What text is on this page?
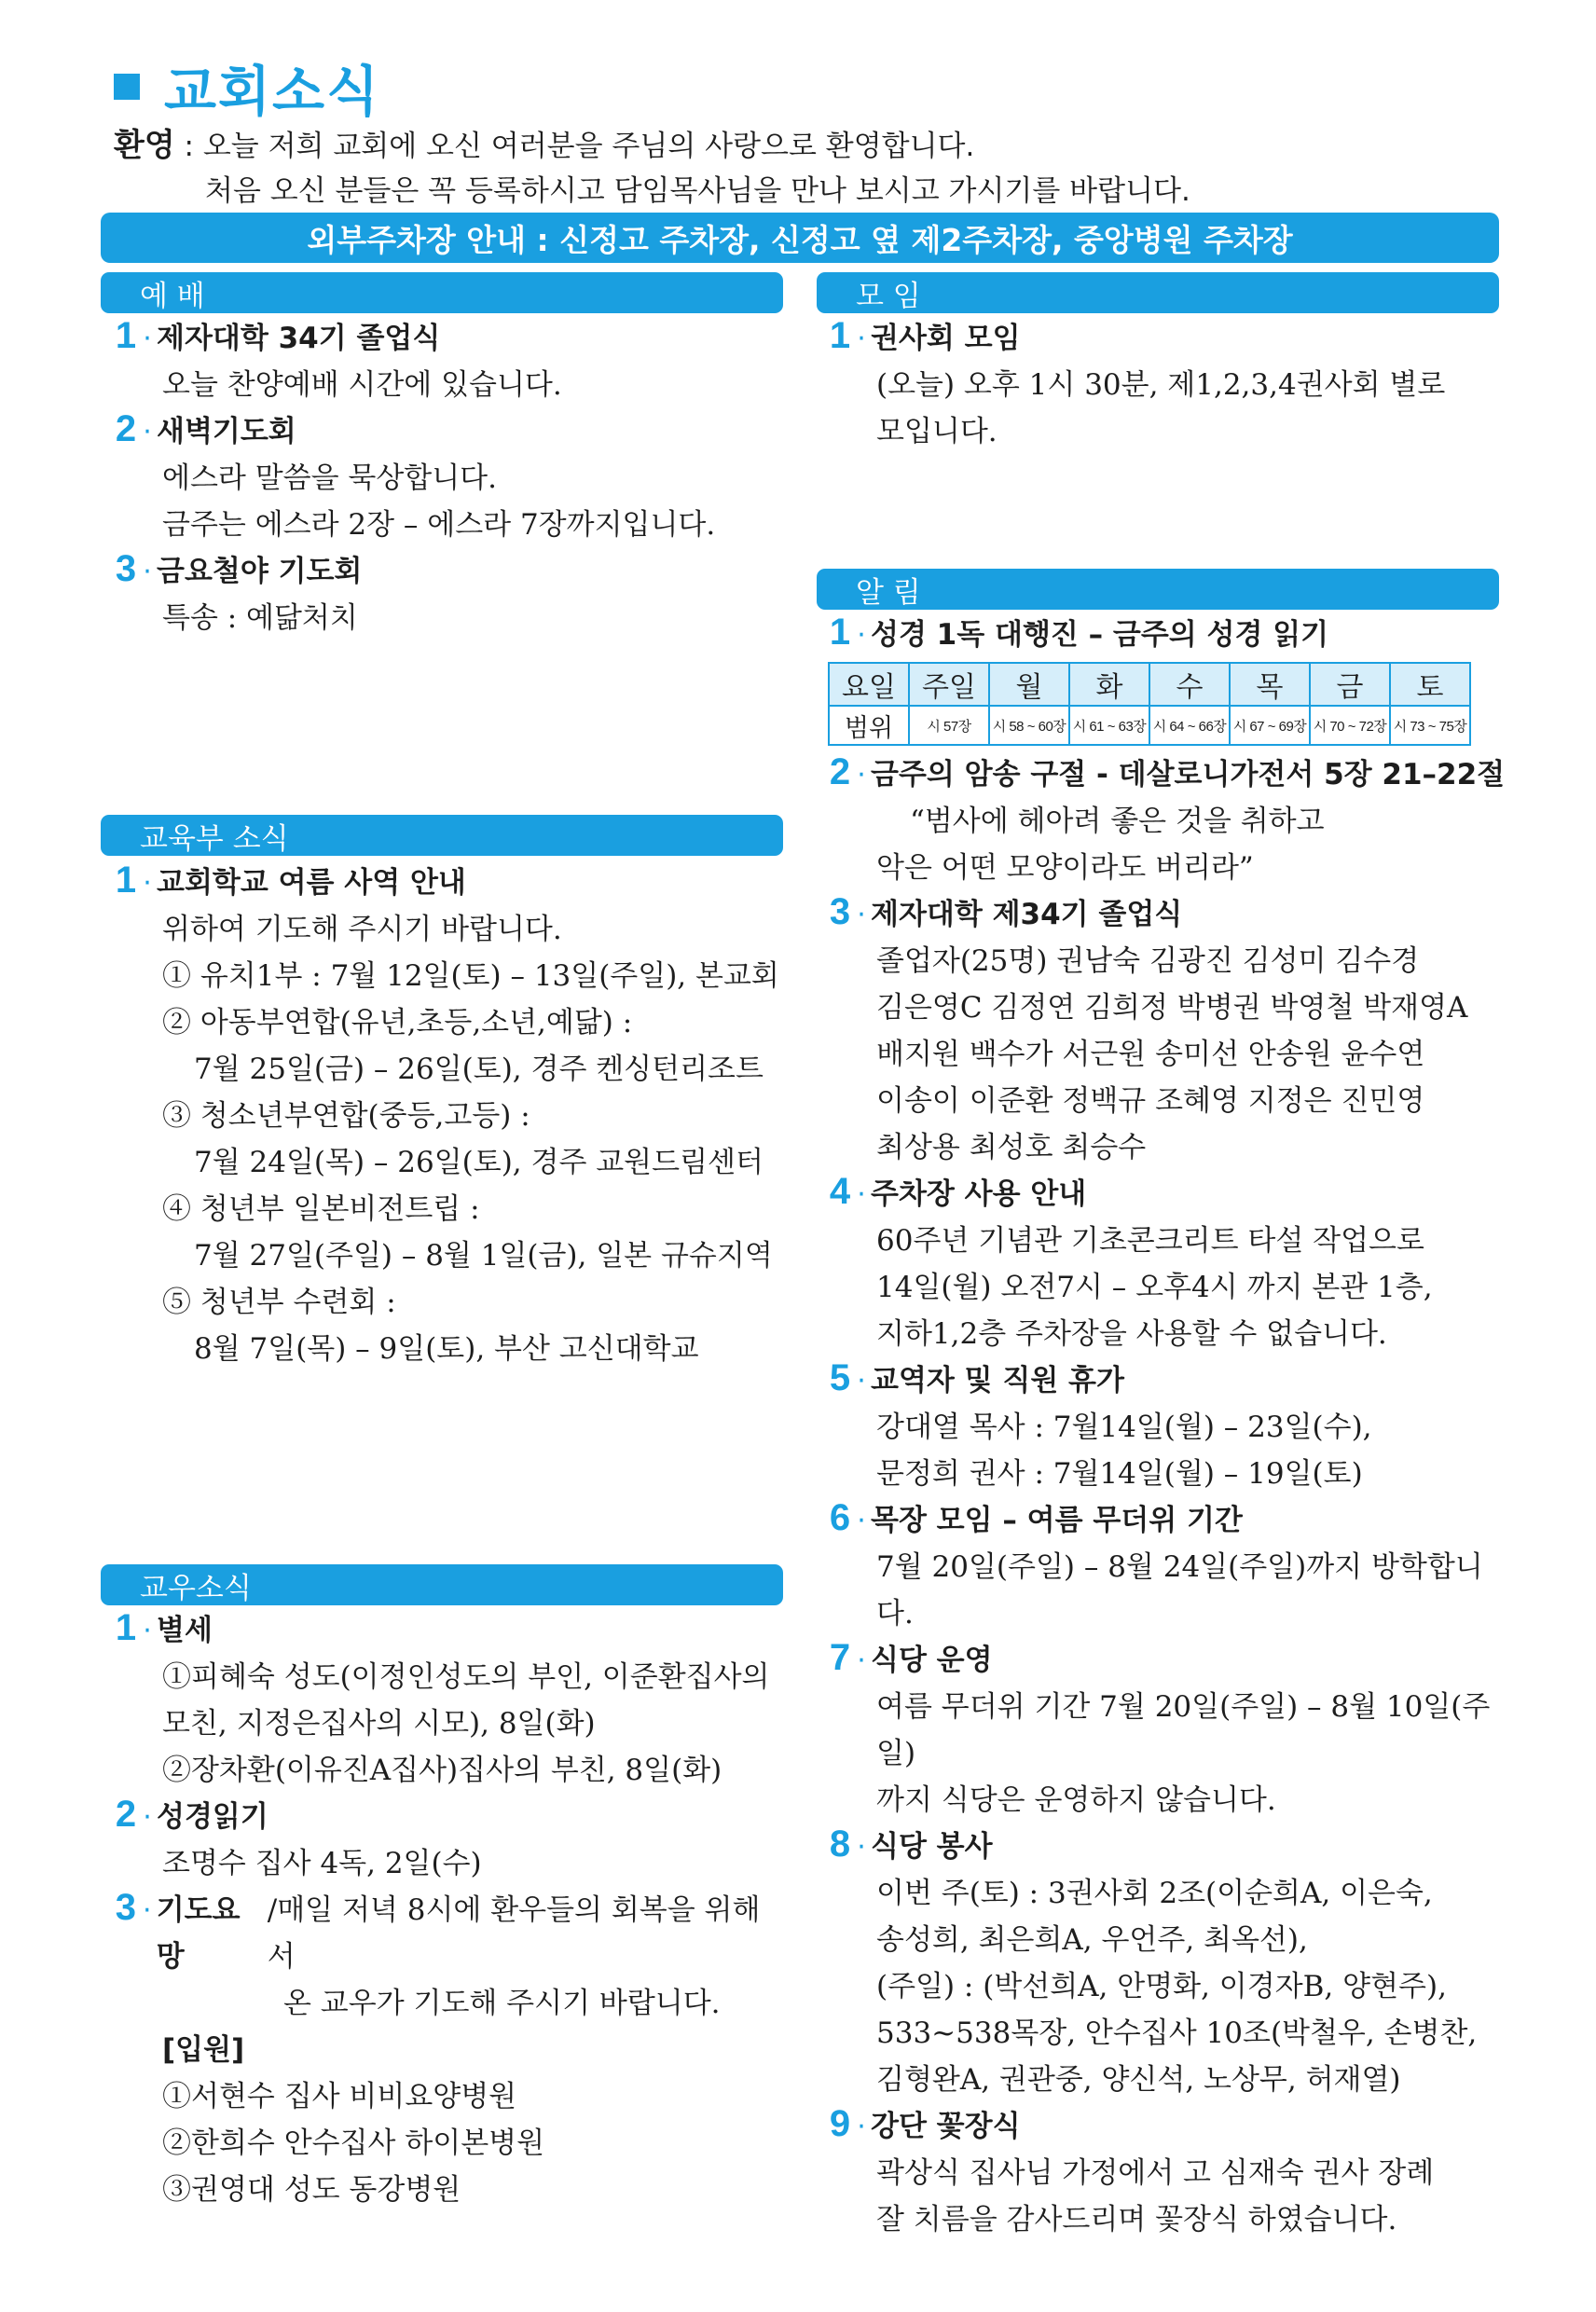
교회소식
환영 : 오늘 저희 교회에 오신 여러분을 주님의 사랑으로 환영합니다.
처음 오신 분들은 꼭 등록하시고 담임목사님을 만나 보시고 가시기를 바랍니다.
외부주차장 안내 : 신정고 주차장, 신정고 옆 제2주차장, 중앙병원 주차장
예 배
1 · 제자대학 34기 졸업식
오늘 찬양예배 시간에 있습니다.
2 · 새벽기도회
에스라 말씀을 묵상합니다.
금주는 에스라 2장 – 에스라 7장까지입니다.
3 · 금요철야 기도회
특송 : 예닮처치
교육부 소식
1 · 교회학교 여름 사역 안내
위하여 기도해 주시기 바랍니다.
① 유치1부 : 7월 12일(토) – 13일(주일), 본교회
② 아동부연합(유년,초등,소년,예닮) :
7월 25일(금) – 26일(토), 경주 켄싱턴리조트
③ 청소년부연합(중등,고등) :
7월 24일(목) – 26일(토), 경주 교원드림센터
④ 청년부 일본비전트립 :
7월 27일(주일) – 8월 1일(금), 일본 규슈지역
⑤ 청년부 수련회 :
8월 7일(목) – 9일(토), 부산 고신대학교
교우소식
1 · 별세
①피혜숙 성도(이정인성도의 부인, 이준환집사의
모친, 지정은집사의 시모), 8일(화)
②장차환(이유진A집사)집사의 부친, 8일(화)
2 · 성경읽기
조명수 집사 4독, 2일(수)
3 · 기도요망
/매일 저녁 8시에 환우들의 회복을 위해서
온 교우가 기도해 주시기 바랍니다.
[입원]
①서현수 집사 비비요양병원
②한희수 안수집사 하이본병원
③권영대 성도 동강병원
모 임
1 · 권사회 모임
(오늘) 오후 1시 30분, 제1,2,3,4권사회 별로
모입니다.
알 림
1 · 성경 1독 대행진 – 금주의 성경 읽기
요일	주일	월	화	수	목	금	토
범위	시 57장	시 58 ~ 60장	시 61 ~ 63장	시 64 ~ 66장	시 67 ~ 69장	시 70 ~ 72장	시 73 ~ 75장
2 · 금주의 암송 구절 - 데살로니가전서 5장 21–22절
“범사에 헤아려 좋은 것을 취하고
악은 어떤 모양이라도 버리라”
3 · 제자대학 제34기 졸업식
졸업자(25명) 권남숙 김광진 김성미 김수경
김은영C 김정연 김희정 박병권 박영철 박재영A
배지원 백수가 서근원 송미선 안송원 윤수연
이송이 이준환 정백규 조혜영 지정은 진민영
최상용 최성호 최승수
4 · 주차장 사용 안내
60주년 기념관 기초콘크리트 타설 작업으로
14일(월) 오전7시 – 오후4시 까지 본관 1층,
지하1,2층 주차장을 사용할 수 없습니다.
5 · 교역자 및 직원 휴가
강대열 목사 : 7월14일(월) – 23일(수),
문정희 권사 : 7월14일(월) – 19일(토)
6 · 목장 모임 – 여름 무더위 기간
7월 20일(주일) – 8월 24일(주일)까지 방학합니다.
7 · 식당 운영
여름 무더위 기간 7월 20일(주일) – 8월 10일(주일)
까지 식당은 운영하지 않습니다.
8 · 식당 봉사
이번 주(토) : 3권사회 2조(이순희A, 이은숙,
송성희, 최은희A, 우언주, 최옥선),
(주일) : (박선희A, 안명화, 이경자B, 양현주),
533~538목장, 안수집사 10조(박철우, 손병찬,
김형완A, 권관중, 양신석, 노상무, 허재열)
9 · 강단 꽃장식
곽상식 집사님 가정에서 고 심재숙 권사 장례
잘 치름을 감사드리며 꽃장식 하였습니다.
